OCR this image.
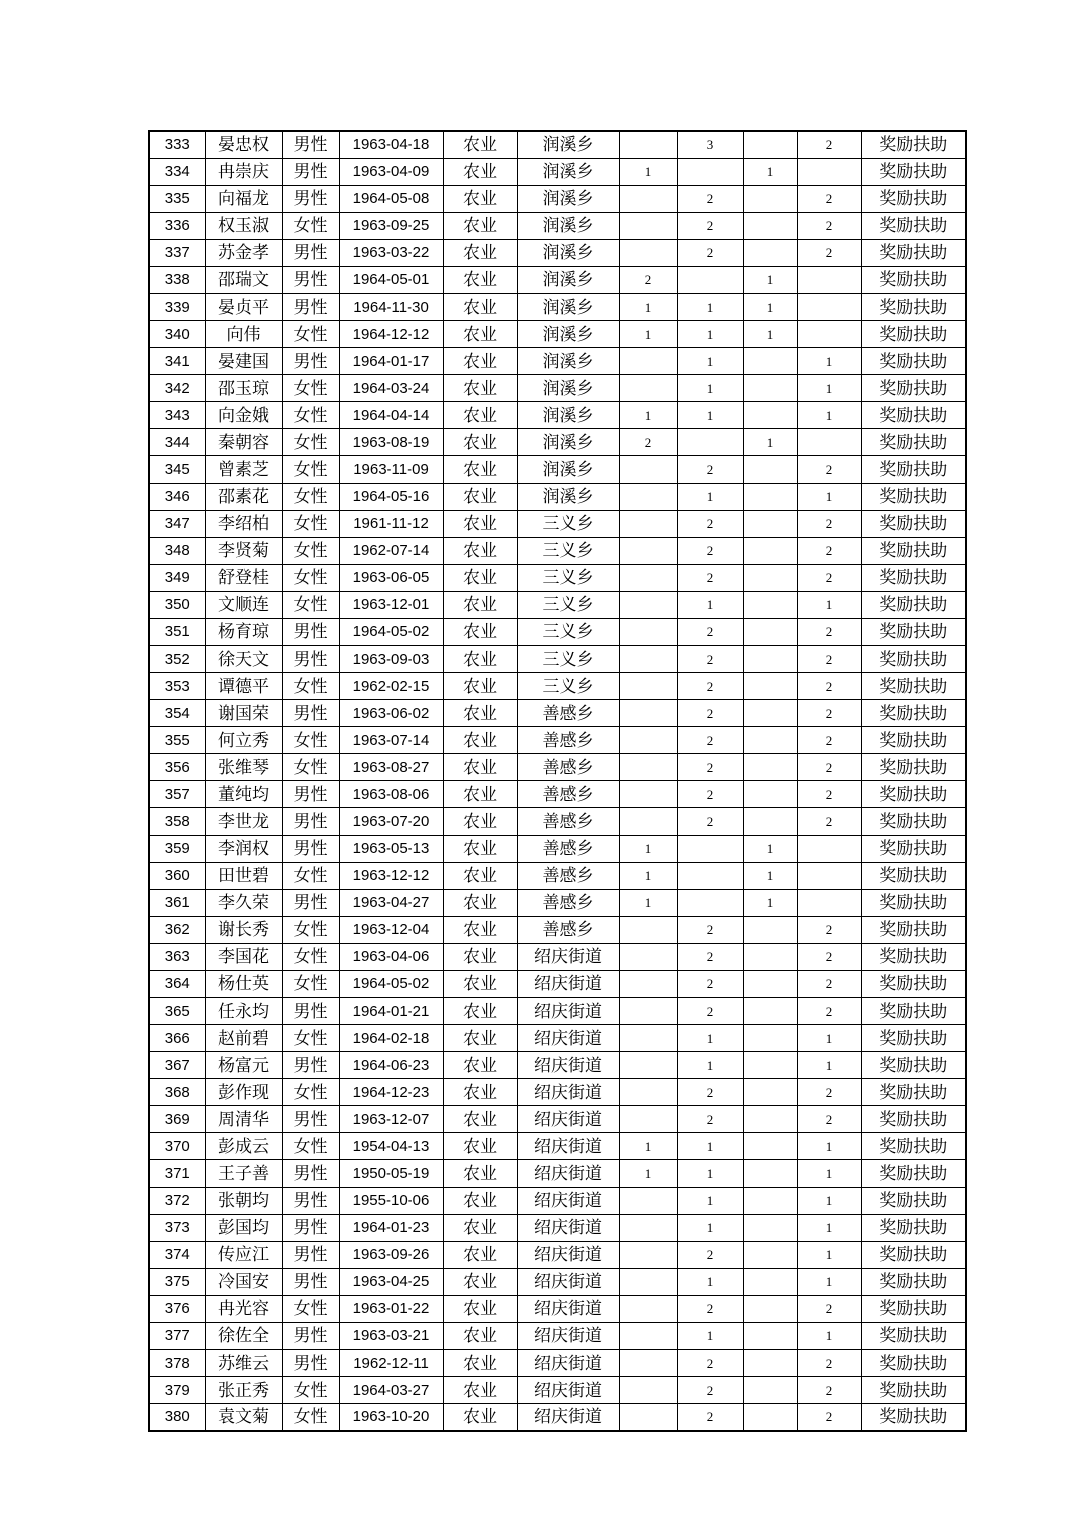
333	晏忠权	男性	1963-04-18	农业	润溪乡		3		2	奖励扶助
334	冉崇庆	男性	1963-04-09	农业	润溪乡	1		1		奖励扶助
335	向福龙	男性	1964-05-08	农业	润溪乡		2		2	奖励扶助
336	权玉淑	女性	1963-09-25	农业	润溪乡		2		2	奖励扶助
337	苏金孝	男性	1963-03-22	农业	润溪乡		2		2	奖励扶助
338	邵瑞文	男性	1964-05-01	农业	润溪乡	2		1		奖励扶助
339	晏贞平	男性	1964-11-30	农业	润溪乡	1	1	1		奖励扶助
340	向伟	女性	1964-12-12	农业	润溪乡	1	1	1		奖励扶助
341	晏建国	男性	1964-01-17	农业	润溪乡		1		1	奖励扶助
342	邵玉琼	女性	1964-03-24	农业	润溪乡		1		1	奖励扶助
343	向金娥	女性	1964-04-14	农业	润溪乡	1	1		1	奖励扶助
344	秦朝容	女性	1963-08-19	农业	润溪乡	2		1		奖励扶助
345	曾素芝	女性	1963-11-09	农业	润溪乡		2		2	奖励扶助
346	邵素花	女性	1964-05-16	农业	润溪乡		1		1	奖励扶助
347	李绍柏	女性	1961-11-12	农业	三义乡		2		2	奖励扶助
348	李贤菊	女性	1962-07-14	农业	三义乡		2		2	奖励扶助
349	舒登桂	女性	1963-06-05	农业	三义乡		2		2	奖励扶助
350	文顺连	女性	1963-12-01	农业	三义乡		1		1	奖励扶助
351	杨育琼	男性	1964-05-02	农业	三义乡		2		2	奖励扶助
352	徐天文	男性	1963-09-03	农业	三义乡		2		2	奖励扶助
353	谭德平	女性	1962-02-15	农业	三义乡		2		2	奖励扶助
354	谢国荣	男性	1963-06-02	农业	善感乡		2		2	奖励扶助
355	何立秀	女性	1963-07-14	农业	善感乡		2		2	奖励扶助
356	张维琴	女性	1963-08-27	农业	善感乡		2		2	奖励扶助
357	董纯均	男性	1963-08-06	农业	善感乡		2		2	奖励扶助
358	李世龙	男性	1963-07-20	农业	善感乡		2		2	奖励扶助
359	李润权	男性	1963-05-13	农业	善感乡	1		1		奖励扶助
360	田世碧	女性	1963-12-12	农业	善感乡	1		1		奖励扶助
361	李久荣	男性	1963-04-27	农业	善感乡	1		1		奖励扶助
362	谢长秀	女性	1963-12-04	农业	善感乡		2		2	奖励扶助
363	李国花	女性	1963-04-06	农业	绍庆街道		2		2	奖励扶助
364	杨仕英	女性	1964-05-02	农业	绍庆街道		2		2	奖励扶助
365	任永均	男性	1964-01-21	农业	绍庆街道		2		2	奖励扶助
366	赵前碧	女性	1964-02-18	农业	绍庆街道		1		1	奖励扶助
367	杨富元	男性	1964-06-23	农业	绍庆街道		1		1	奖励扶助
368	彭作现	女性	1964-12-23	农业	绍庆街道		2		2	奖励扶助
369	周清华	男性	1963-12-07	农业	绍庆街道		2		2	奖励扶助
370	彭成云	女性	1954-04-13	农业	绍庆街道	1	1		1	奖励扶助
371	王子善	男性	1950-05-19	农业	绍庆街道	1	1		1	奖励扶助
372	张朝均	男性	1955-10-06	农业	绍庆街道		1		1	奖励扶助
373	彭国均	男性	1964-01-23	农业	绍庆街道		1		1	奖励扶助
374	传应江	男性	1963-09-26	农业	绍庆街道		2		1	奖励扶助
375	冷国安	男性	1963-04-25	农业	绍庆街道		1		1	奖励扶助
376	冉光容	女性	1963-01-22	农业	绍庆街道		2		2	奖励扶助
377	徐佐全	男性	1963-03-21	农业	绍庆街道		1		1	奖励扶助
378	苏维云	男性	1962-12-11	农业	绍庆街道		2		2	奖励扶助
379	张正秀	女性	1964-03-27	农业	绍庆街道		2		2	奖励扶助
380	袁文菊	女性	1963-10-20	农业	绍庆街道		2		2	奖励扶助
